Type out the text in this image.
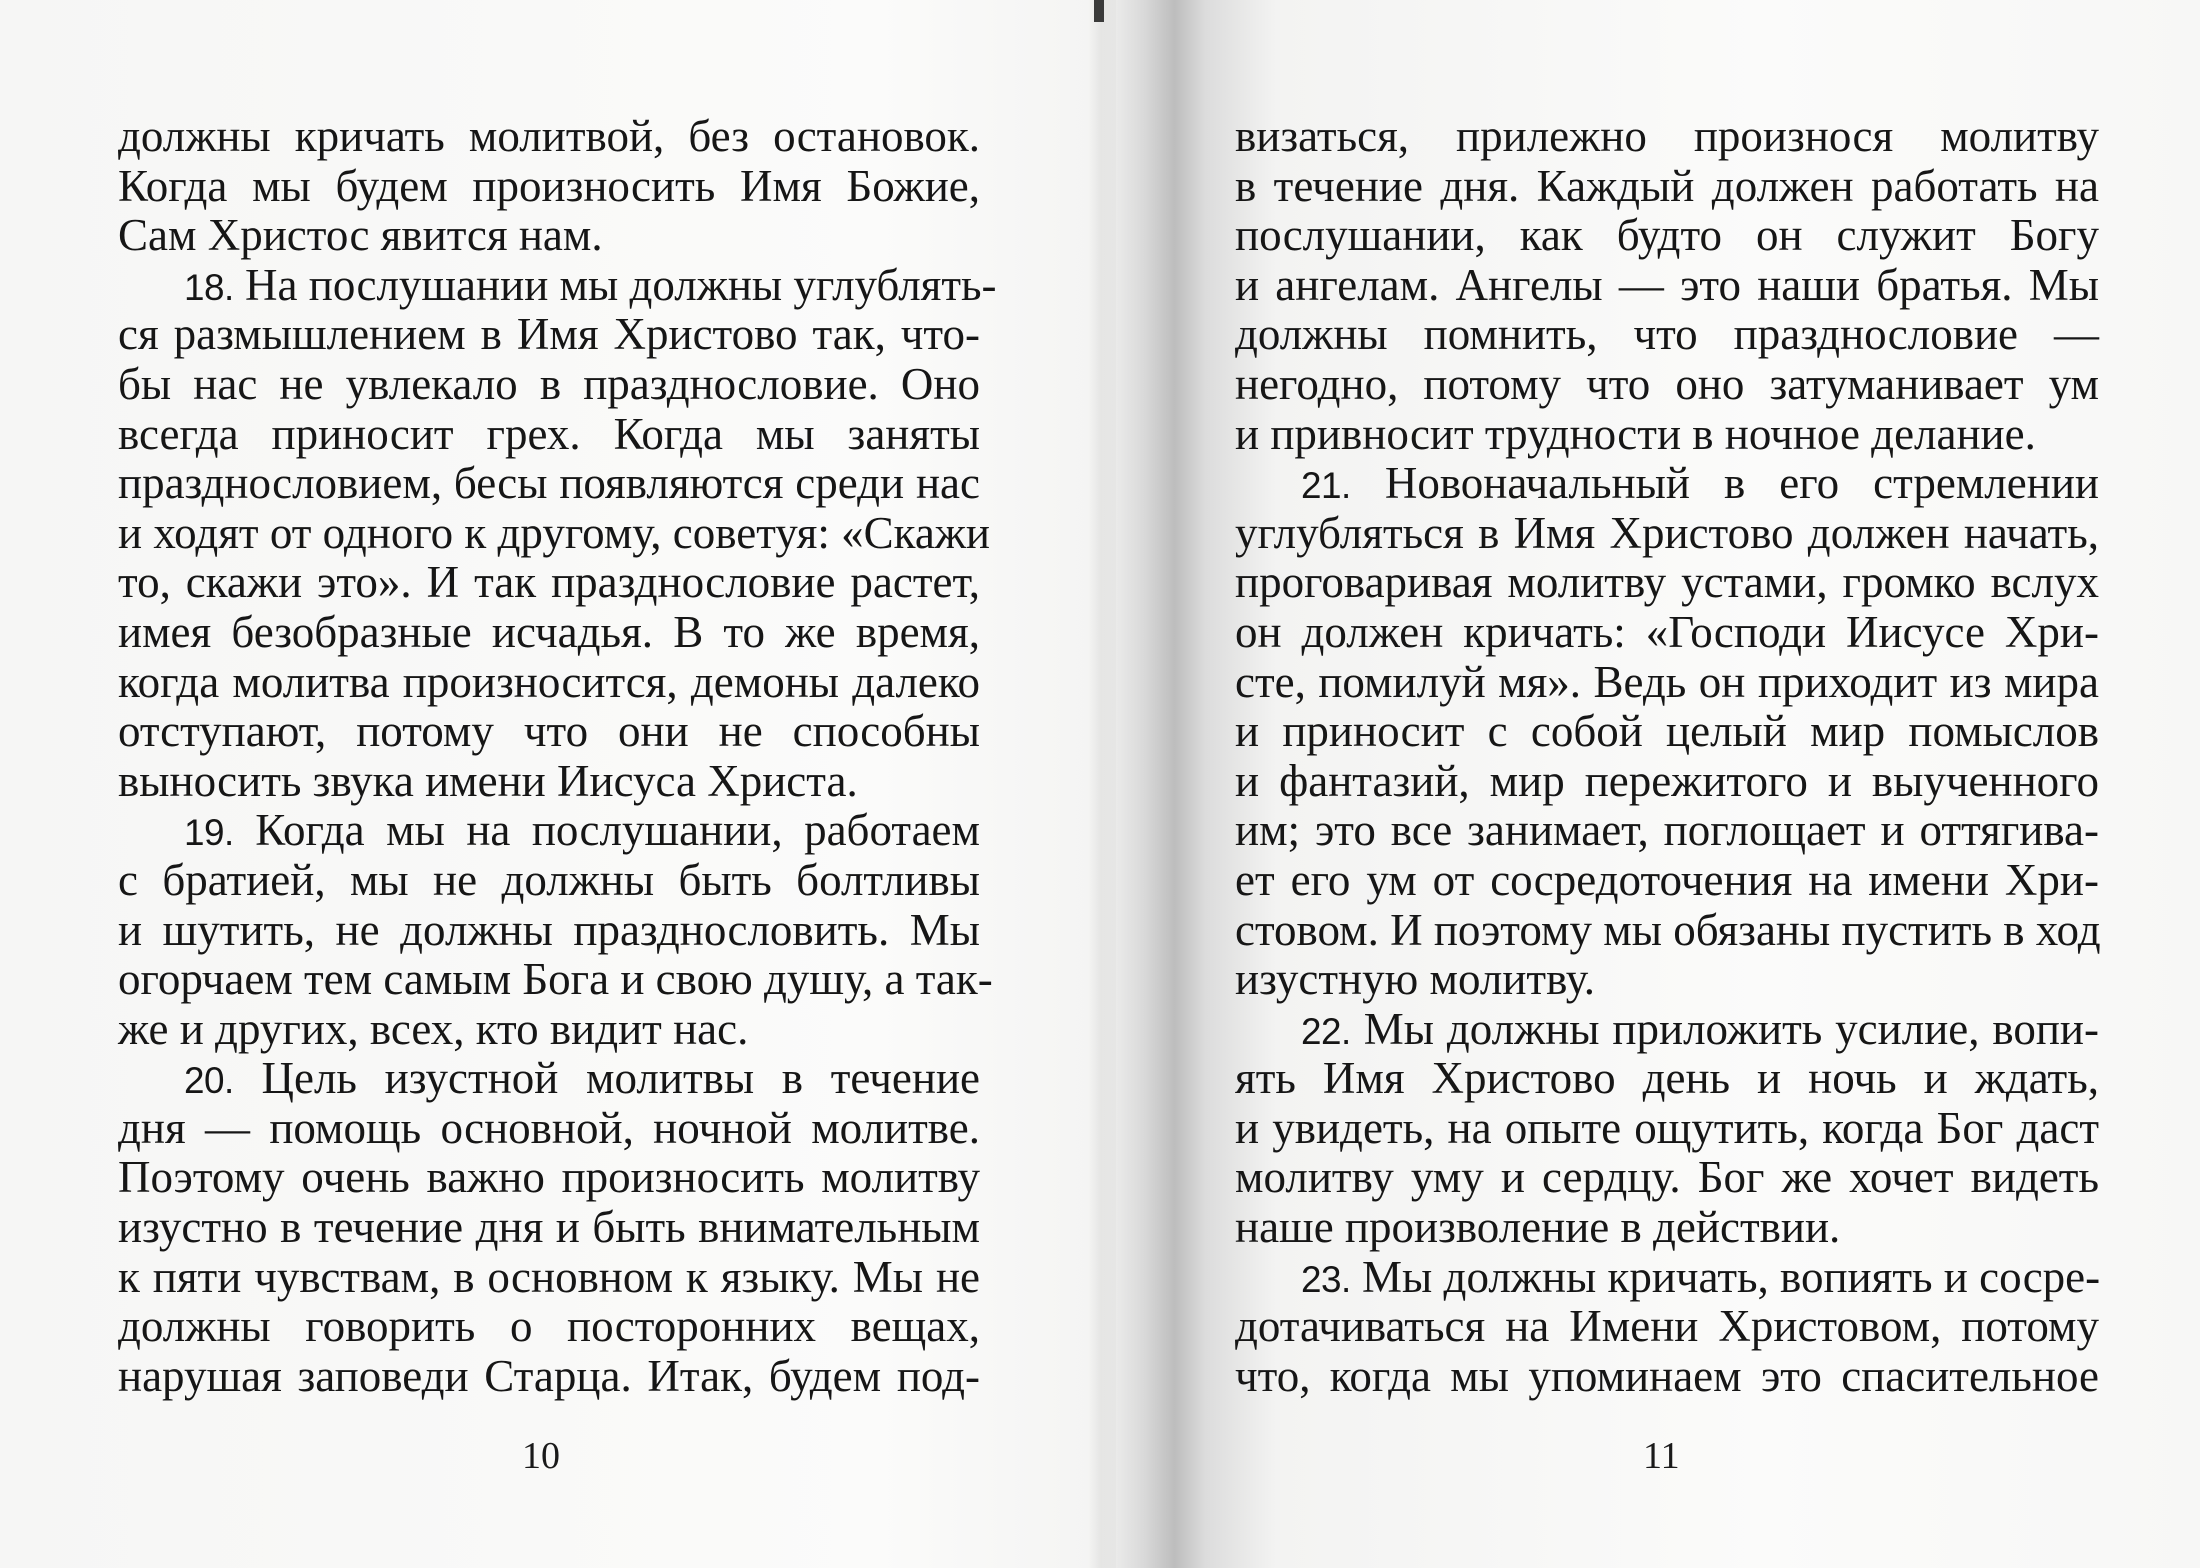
должны кричать молитвой, без остановок.
Когда мы будем произносить Имя Божие,
Сам Христос явится нам.
18. На послушании мы должны углублять-
ся размышлением в Имя Христово так, что-
бы нас не увлекало в празднословие. Оно
всегда приносит грех. Когда мы заняты
празднословием, бесы появляются среди нас
и ходят от одного к другому, советуя: «Скажи
то, скажи это». И так празднословие растет,
имея безобразные исчадья. В то же время,
когда молитва произносится, демоны далеко
отступают, потому что они не способны
выносить звука имени Иисуса Христа.
19. Когда мы на послушании, работаем
с братией, мы не должны быть болтливы
и шутить, не должны празднословить. Мы
огорчаем тем самым Бога и свою душу, а так-
же и других, всех, кто видит нас.
20. Цель изустной молитвы в течение
дня — помощь основной, ночной молитве.
Поэтому очень важно произносить молитву
изустно в течение дня и быть внимательным
к пяти чувствам, в основном к языку. Мы не
должны говорить о посторонних вещах,
нарушая заповеди Старца. Итак, будем под-
10
визаться, прилежно произнося молитву
в течение дня. Каждый должен работать на
послушании, как будто он служит Богу
и ангелам. Ангелы — это наши братья. Мы
должны помнить, что празднословие —
негодно, потому что оно затуманивает ум
и привносит трудности в ночное делание.
21. Новоначальный в его стремлении
углубляться в Имя Христово должен начать,
проговаривая молитву устами, громко вслух
он должен кричать: «Господи Иисусе Хри-
сте, помилуй мя». Ведь он приходит из мира
и приносит с собой целый мир помыслов
и фантазий, мир пережитого и выученного
им; это все занимает, поглощает и оттягива-
ет его ум от сосредоточения на имени Хри-
стовом. И поэтому мы обязаны пустить в ход
изустную молитву.
22. Мы должны приложить усилие, вопи-
ять Имя Христово день и ночь и ждать,
и увидеть, на опыте ощутить, когда Бог даст
молитву уму и сердцу. Бог же хочет видеть
наше произволение в действии.
23. Мы должны кричать, вопиять и сосре-
дотачиваться на Имени Христовом, потому
что, когда мы упоминаем это спасительное
11
